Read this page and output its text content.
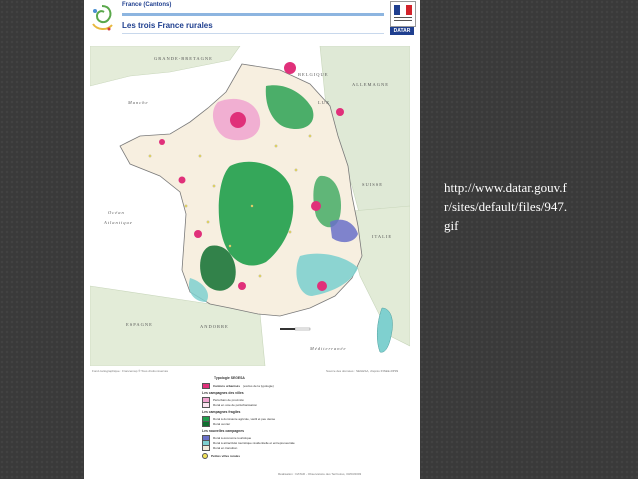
France (Cantons)
Les trois France rurales
DATAR
GRANDE-BRETAGNE
Manche
BELGIQUE
ALLEMAGNE
LUX
SUISSE
ITALIE
Océan
Atlantique
ESPAGNE	ANDORRE
Méditerranée
Fond cartographique : Francemap ® Tous droits réservés	Source des données : SEGESA, d'après INSEE-RP99
Typologie SEGESA
Cantons urbanisés (exclus de la typologie)
Les campagnes des villes
Périurbain de proximité
Rural en voie de périurbanisation
Les campagnes fragiles
Rural à dominante agricole, vieilli et peu dense
Rural ouvrier
Les nouvelles campagnes
Rural à économie touristique
Rural à attractivité touristique résidentielle et entrepreneuriale
Rural en transition
Petites villes rurales
Réalisation : DATAR - Observatoire des Territoires, 03/03/2003
http://www.datar.gouv.fr/sites/default/files/947.gif
